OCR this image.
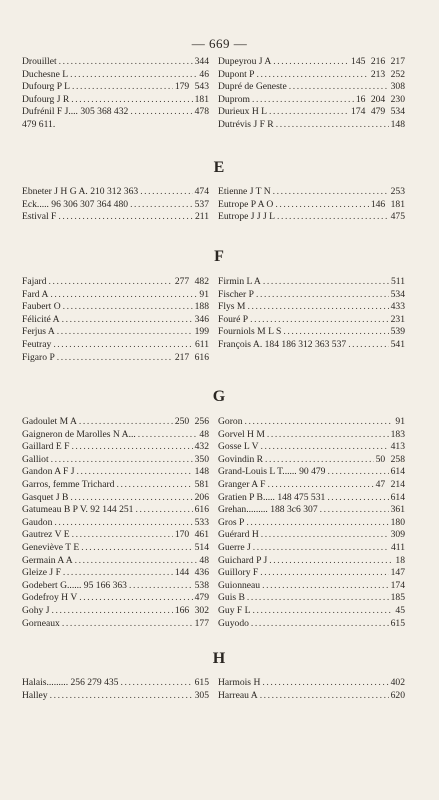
— 669 —
Drouillet .....	344
Duchesne L .....	46
Dufourg P L .....	179 543
Dufourg J R .....	181
Dufrénil F J.... 305 368 432 .....	478
479 611.
Dupeyrou J A .....	145 216 217
Dupont P .....	213 252
Dupré de Geneste .....	308
Duprom .....	16 204 230
Durieux H L .....	174 479 534
Dutrévis J F R .....	148
E
Ebneter J H G A. 210 312 363 .....	474
Eck..... 96 306 307 364 480 .....	537
Estival F .....	211
Etienne J T N .....	253
Eutrope P A O .....	146 181
Eutrope J J J L .....	475
F
Fajard .....	277 482
Fard A .....	91
Faubert O .....	188
Félicité A .....	346
Ferjus A .....	199
Feutray .....	611
Figaro P .....	217 616
Firmin L A .....	511
Fischer P .....	534
Flys M .....	433
Fouré P .....	231
Fourniols M L S .....	539
François A. 184 186 312 363 537 .....	541
G
Gadoulet M A .....	250 256
Gaigneron de Marolles N A... .....	48
Gaillard E F .....	432
Galliot .....	350
Gandon A F J .....	148
Garros, femme Trichard .....	581
Gasquet J B .....	206
Gatumeau B P V. 92 144 251 .....	616
Gaudon .....	533
Gautrez V E .....	170 461
Geneviève T E .....	514
Germain A A .....	48
Gleize J F .....	144 436
Godebert G...... 95 166 363 .....	538
Godefroy H V .....	479
Gohy J .....	166 302
Gorneaux .....	177
Goron .....	91
Gorvel H M .....	183
Gosse L V .....	413
Govindin R .....	50 258
Grand-Louis L T...... 90 479 .....	614
Granger A F .....	47 214
Gratien P B..... 148 475 531 .....	614
Grehan......... 188 3c6 307 .....	361
Gros P .....	180
Guérard H .....	309
Guerre J .....	411
Guichard P J .....	18
Guillory F .....	147
Guionneau .....	174
Guis B .....	185
Guy F L .....	45
Guyodo .....	615
H
Halais......... 256 279 435 .....	615
Halley .....	305
Harmois H .....	402
Harreau A .....	620
